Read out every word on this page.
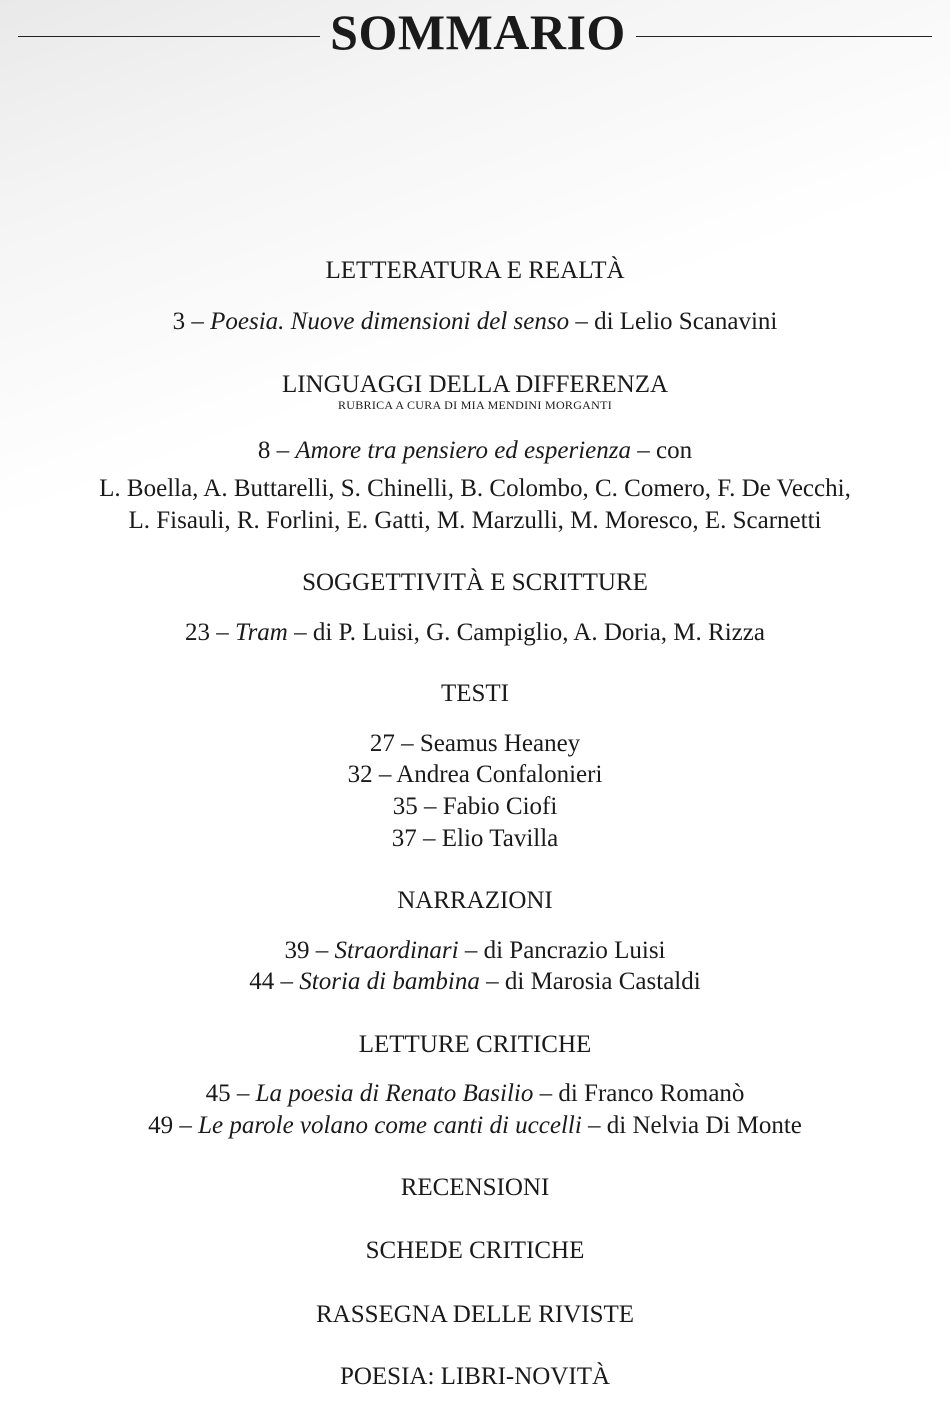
SOMMARIO
LETTERATURA E REALTÀ
3 – Poesia. Nuove dimensioni del senso – di Lelio Scanavini
LINGUAGGI DELLA DIFFERENZA
RUBRICA A CURA DI MIA MENDINI MORGANTI
8 – Amore tra pensiero ed esperienza – con
L. Boella, A. Buttarelli, S. Chinelli, B. Colombo, C. Comero, F. De Vecchi,
L. Fisauli, R. Forlini, E. Gatti, M. Marzulli, M. Moresco, E. Scarnetti
SOGGETTIVITÀ E SCRITTURE
23 – Tram – di P. Luisi, G. Campiglio, A. Doria, M. Rizza
TESTI
27 – Seamus Heaney
32 – Andrea Confalonieri
35 – Fabio Ciofi
37 – Elio Tavilla
NARRAZIONI
39 – Straordinari – di Pancrazio Luisi
44 – Storia di bambina – di Marosia Castaldi
LETTURE CRITICHE
45 – La poesia di Renato Basilio – di Franco Romanò
49 – Le parole volano come canti di uccelli – di Nelvia Di Monte
RECENSIONI
SCHEDE CRITICHE
RASSEGNA DELLE RIVISTE
POESIA: LIBRI-NOVITÀ
